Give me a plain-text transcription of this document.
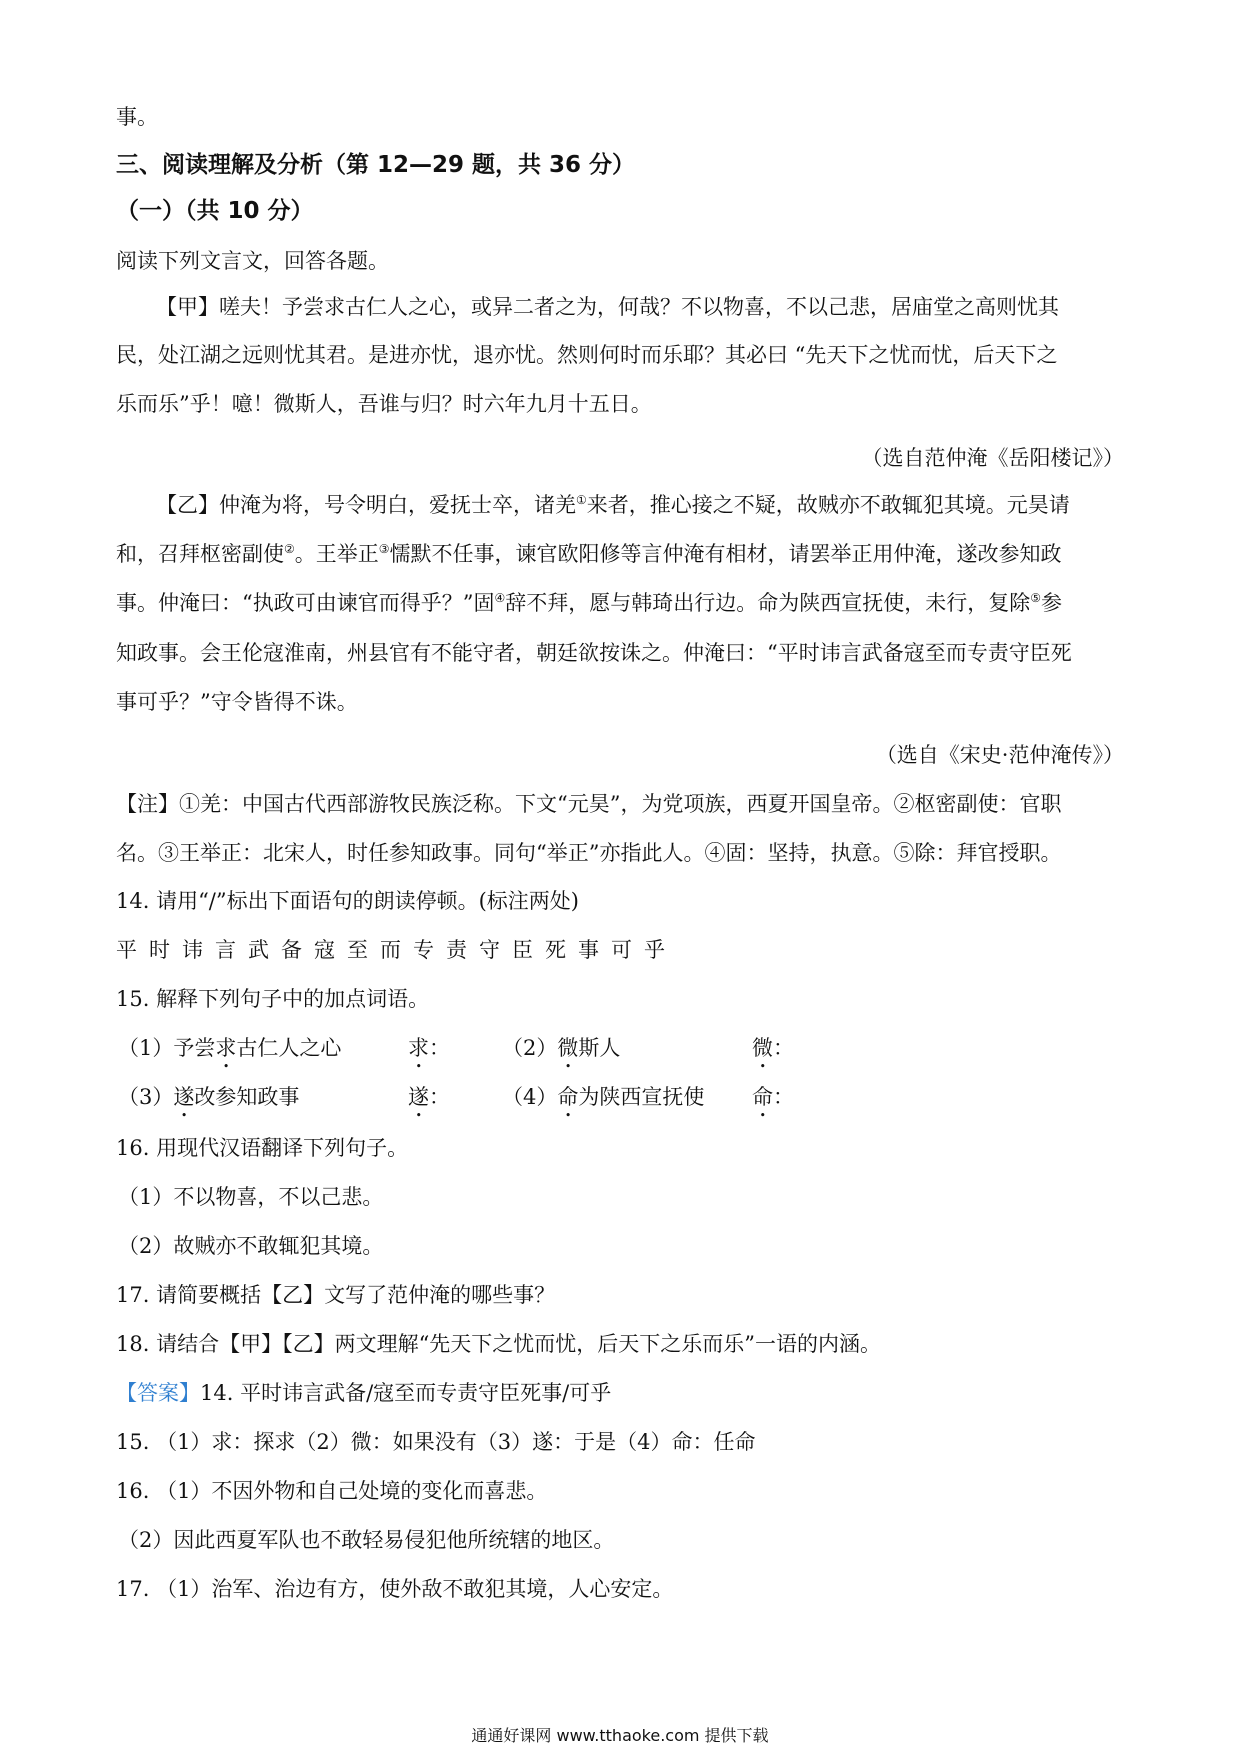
事。
三、阅读理解及分析（第 12—29 题，共 36 分）
（一）（共 10 分）
阅读下列文言文，回答各题。
【甲】嗟夫！予尝求古仁人之心，或异二者之为，何哉？不以物喜，不以己悲，居庙堂之高则忧其
民，处江湖之远则忧其君。是进亦忧，退亦忧。然则何时而乐耶？其必曰 “先天下之忧而忧，后天下之
乐而乐”乎！噫！微斯人，吾谁与归？时六年九月十五日。
（选自范仲淹《岳阳楼记》）
【乙】仲淹为将，号令明白，爱抚士卒，诸羌①来者，推心接之不疑，故贼亦不敢辄犯其境。元昊请
和，召拜枢密副使②。王举正③懦默不任事，谏官欧阳修等言仲淹有相材，请罢举正用仲淹，遂改参知政
事。仲淹曰：“执政可由谏官而得乎？”固④辞不拜，愿与韩琦出行边。命为陕西宣抚使，未行，复除⑤参
知政事。会王伦寇淮南，州县官有不能守者，朝廷欲按诛之。仲淹曰：“平时讳言武备寇至而专责守臣死
事可乎？”守令皆得不诛。
（选自《宋史·范仲淹传》）
【注】①羌：中国古代西部游牧民族泛称。下文“元昊”，为党项族，西夏开国皇帝。②枢密副使：官职
名。③王举正：北宋人，时任参知政事。同句“举正”亦指此人。④固：坚持，执意。⑤除：拜官授职。
14. 请用“/”标出下面语句的朗读停顿。(标注两处)
平时讳言武备寇至而专责守臣死事可乎
15. 解释下列句子中的加点词语。
（1）予尝求古仁人之心	求： （2）微斯人	微：
（3）遂改参知政事	遂： （4）命为陕西宣抚使 命：
16. 用现代汉语翻译下列句子。
（1）不以物喜，不以己悲。
（2）故贼亦不敢辄犯其境。
17. 请简要概括【乙】文写了范仲淹的哪些事？
18. 请结合【甲】【乙】两文理解“先天下之忧而忧，后天下之乐而乐”一语的内涵。
【答案】14. 平时讳言武备/寇至而专责守臣死事/可乎
15. （1）求：探求（2）微：如果没有（3）遂：于是（4）命：任命
16. （1）不因外物和自己处境的变化而喜悲。
（2）因此西夏军队也不敢轻易侵犯他所统辖的地区。
17. （1）治军、治边有方，使外敌不敢犯其境，人心安定。
通通好课网 www.tthaoke.com 提供下载
